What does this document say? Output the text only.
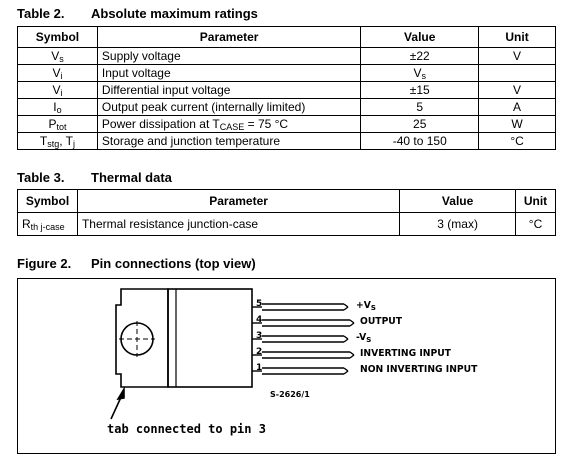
Table 2. Absolute maximum ratings
Symbol	Parameter	Value	Unit
$V_s$	Supply voltage	±22	V
$V_i$	Input voltage	$V_s$	
$V_i$	Differential input voltage	±15	V
$I_o$	Output peak current (internally limited)	5	A
$P_{tot}$	Power dissipation at $T_{CASE} = 75$ °C	25	W
$T_{stg}$, $T_j$	Storage and junction temperature	-40 to 150	°C
Table 3. Thermal data
Symbol	Parameter	Value	Unit
$R_{th j-case}$	Thermal resistance junction-case	3 (max)	°C
Figure 2. Pin connections (top view)
5
4
3
2
1
$+V_s$
OUTPUT
$-V_s$
INVERTING INPUT
NON INVERTING INPUT
S-2626/1
tab connected to pin 3
